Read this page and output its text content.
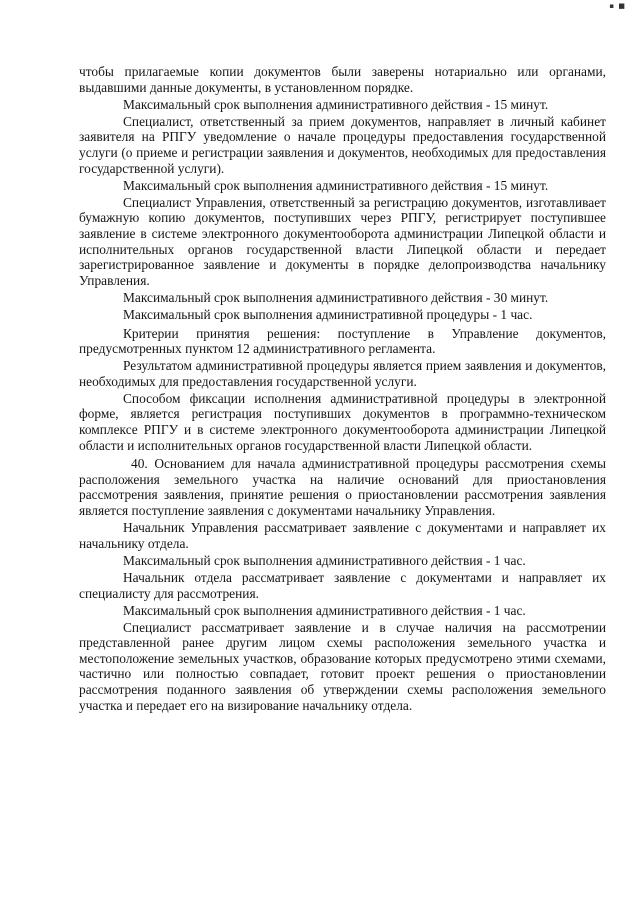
▪ ■

чтобы прилагаемые копии документов были заверены нотариально или органами, выдавшими данные документы, в установленном порядке.

Максимальный срок выполнения административного действия - 15 минут.

Специалист, ответственный за прием документов, направляет в личный кабинет заявителя на РПГУ уведомление о начале процедуры предоставления государственной услуги (о приеме и регистрации заявления и документов, необходимых для предоставления государственной услуги).

Максимальный срок выполнения административного действия - 15 минут.

Специалист Управления, ответственный за регистрацию документов, изготавливает бумажную копию документов, поступивших через РПГУ, регистрирует поступившее заявление в системе электронного документооборота администрации Липецкой области и исполнительных органов государственной власти Липецкой области и передает зарегистрированное заявление и документы в порядке делопроизводства начальнику Управления.

Максимальный срок выполнения административного действия - 30 минут.

Максимальный срок выполнения административной процедуры - 1 час.

Критерии принятия решения: поступление в Управление документов, предусмотренных пунктом 12 административного регламента.

Результатом административной процедуры является прием заявления и документов, необходимых для предоставления государственной услуги.

Способом фиксации исполнения административной процедуры в электронной форме, является регистрация поступивших документов в программно-техническом комплексе РПГУ и в системе электронного документооборота администрации Липецкой области и исполнительных органов государственной власти Липецкой области.

40. Основанием для начала административной процедуры рассмотрения схемы расположения земельного участка на наличие оснований для приостановления рассмотрения заявления, принятие решения о приостановлении рассмотрения заявления является поступление заявления с документами начальнику Управления.

Начальник Управления рассматривает заявление с документами и направляет их начальнику отдела.

Максимальный срок выполнения административного действия - 1 час.

Начальник отдела рассматривает заявление с документами и направляет их специалисту для рассмотрения.

Максимальный срок выполнения административного действия - 1 час.

Специалист рассматривает заявление и в случае наличия на рассмотрении представленной ранее другим лицом схемы расположения земельного участка и местоположение земельных участков, образование которых предусмотрено этими схемами, частично или полностью совпадает, готовит проект решения о приостановлении рассмотрения поданного заявления об утверждении схемы расположения земельного участка и передает его на визирование начальнику отдела.
